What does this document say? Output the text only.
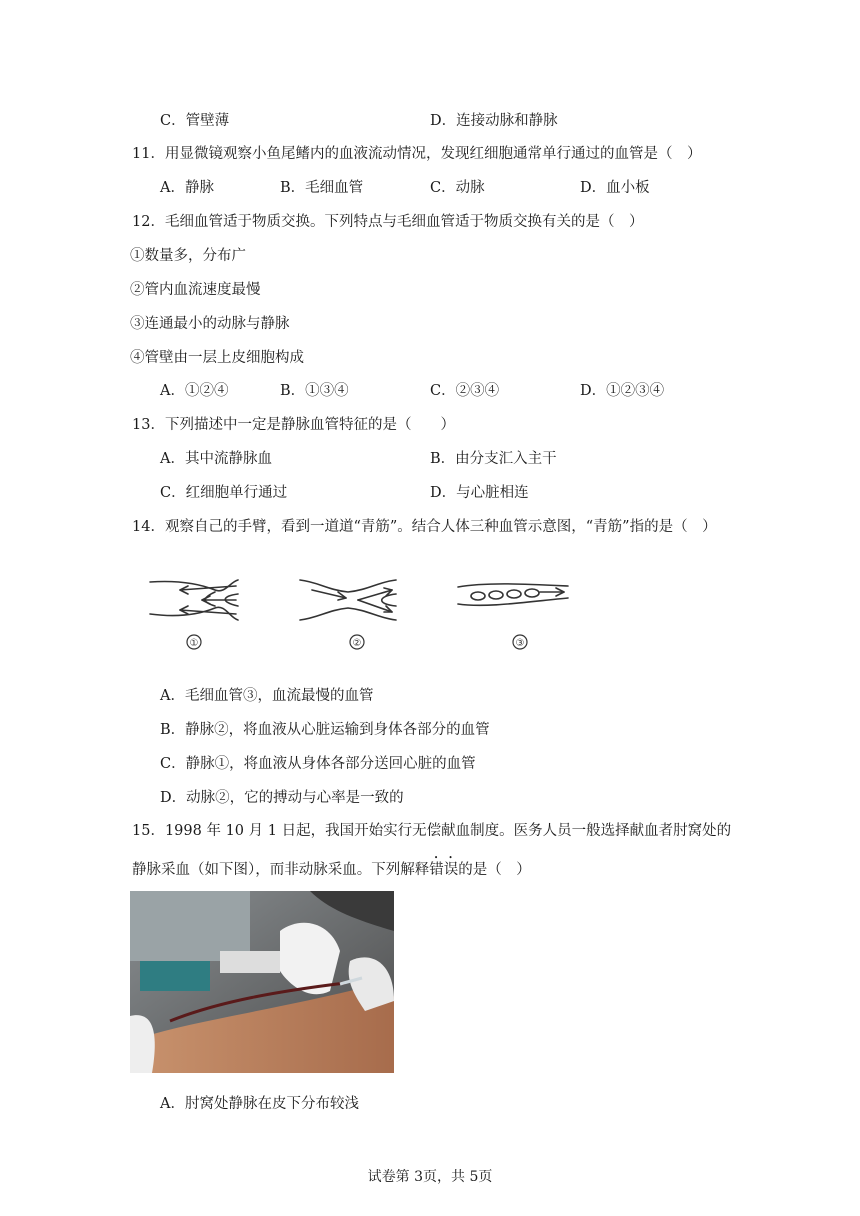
C．管壁薄	D．连接动脉和静脉
11．用显微镜观察小鱼尾鳍内的血液流动情况，发现红细胞通常单行通过的血管是（　）
A．静脉	B．毛细血管	C．动脉	D．血小板
12．毛细血管适于物质交换。下列特点与毛细血管适于物质交换有关的是（　）
①数量多，分布广
②管内血流速度最慢
③连通最小的动脉与静脉
④管壁由一层上皮细胞构成
A．①②④	B．①③④	C．②③④	D．①②③④
13．下列描述中一定是静脉血管特征的是（　　）
A．其中流静脉血	B．由分支汇入主干
C．红细胞单行通过	D．与心脏相连
14．观察自己的手臂，看到一道道“青筋”。结合人体三种血管示意图，“青筋”指的是（　）
①	②	③
A．毛细血管③，血流最慢的血管
B．静脉②，将血液从心脏运输到身体各部分的血管
C．静脉①，将血液从身体各部分送回心脏的血管
D．动脉②，它的搏动与心率是一致的
15．1998 年 10 月 1 日起，我国开始实行无偿献血制度。医务人员一般选择献血者肘窝处的
静脉采血（如下图），而非动脉采血。下列解释错误的是（　）
A．肘窝处静脉在皮下分布较浅
试卷第 3页，共 5页
